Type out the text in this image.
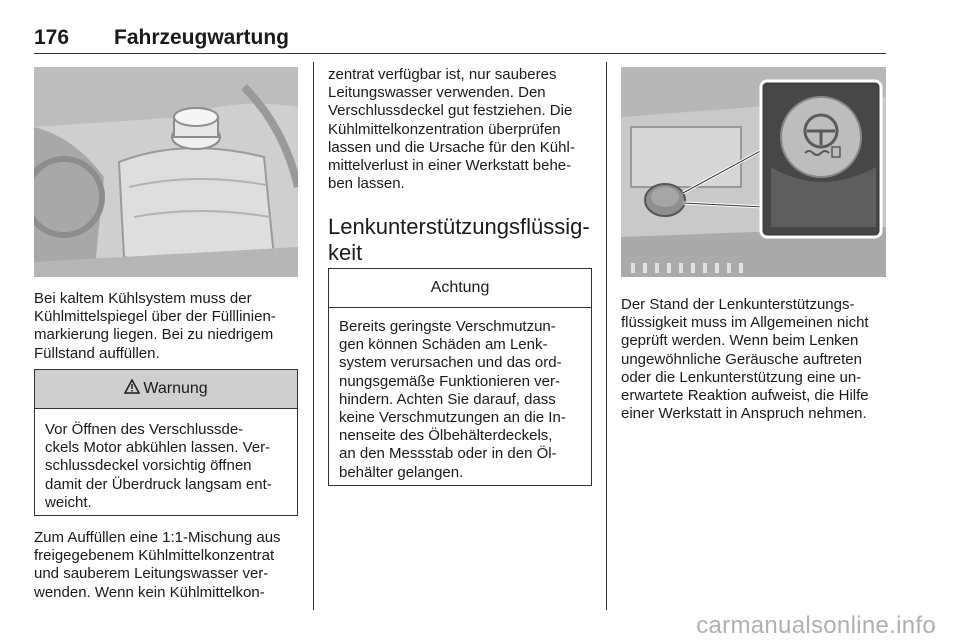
176 Fahrzeugwartung

Bei kaltem Kühlsystem muss der

Kühlmittelspiegel über der Fülllinien-

markierung liegen. Bei zu niedrigem

Füllstand auffüllen.

Warnung

Vor Öffnen des Verschlussde-

ckels Motor abkühlen lassen. Ver-

schlussdeckel vorsichtig öffnen

damit der Überdruck langsam ent-

weicht.

Zum Auffüllen eine 1:1-Mischung aus

freigegebenem Kühlmittelkonzentrat

und sauberem Leitungswasser ver-

wenden. Wenn kein Kühlmittelkon-

zentrat verfügbar ist, nur sauberes

Leitungswasser verwenden. Den

Verschlussdeckel gut festziehen. Die

Kühlmittelkonzentration überprüfen

lassen und die Ursache für den Kühl-

mittelverlust in einer Werkstatt behe-

ben lassen.

Lenkunterstützungsflüssig-
keit
Achtung

Bereits geringste Verschmutzun-

gen können Schäden am Lenk-

system verursachen und das ord-

nungsgemäße Funktionieren ver-

hindern. Achten Sie darauf, dass

keine Verschmutzungen an die In-

nenseite des Ölbehälterdeckels,

an den Messstab oder in den Öl-

behälter gelangen.

Der Stand der Lenkunterstützungs-

flüssigkeit muss im Allgemeinen nicht

geprüft werden. Wenn beim Lenken

ungewöhnliche Geräusche auftreten

oder die Lenkunterstützung eine un-

erwartete Reaktion aufweist, die Hilfe

einer Werkstatt in Anspruch nehmen.

carmanualsonline.info
